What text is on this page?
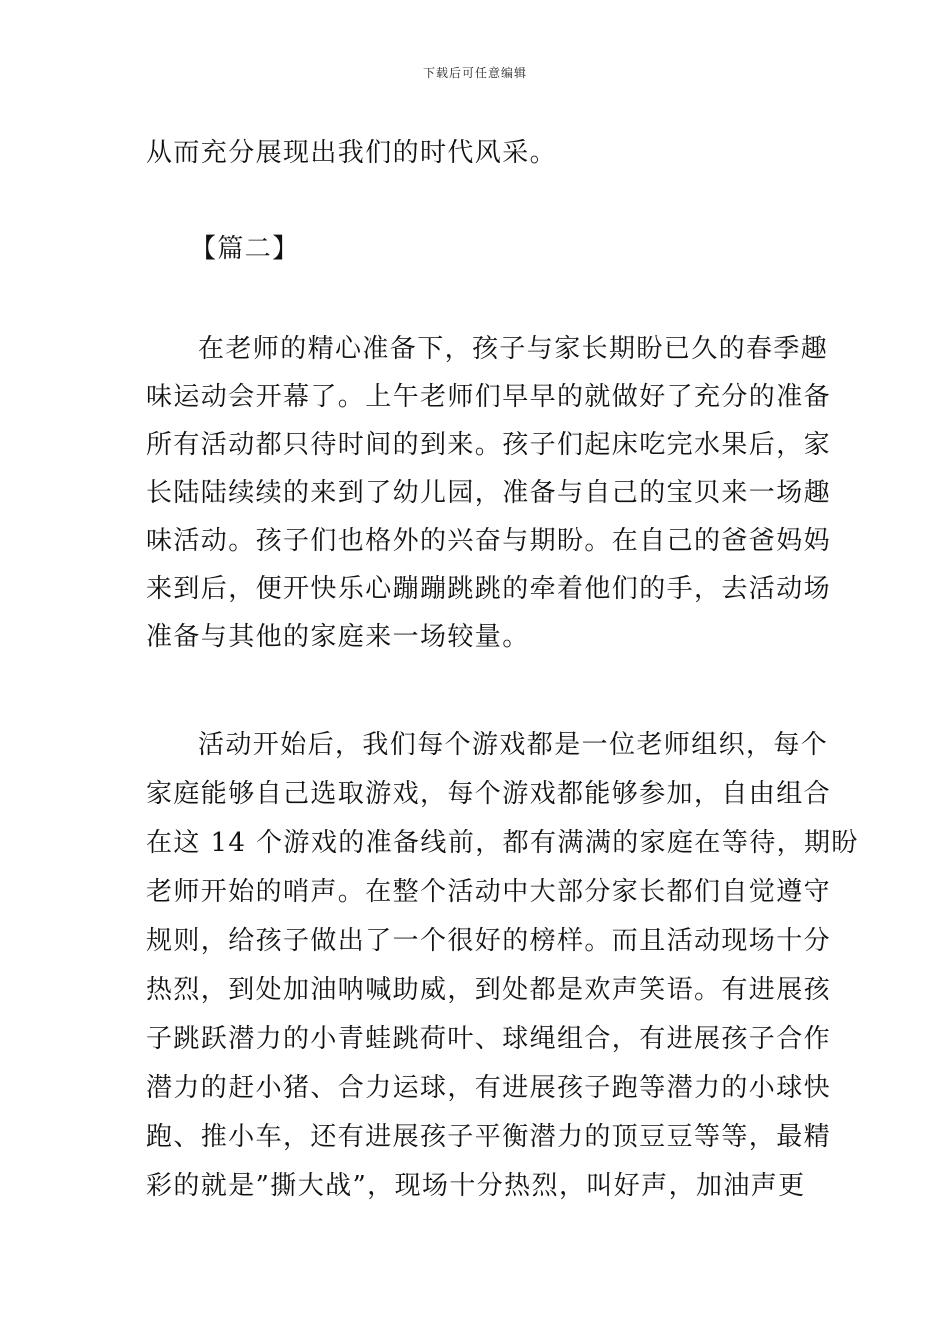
下载后可任意编辑
从而充分展现出我们的时代风采。
【篇二】
在老师的精心准备下，孩子与家长期盼已久的春季趣
味运动会开幕了。上午老师们早早的就做好了充分的准备
所有活动都只待时间的到来。孩子们起床吃完水果后，家
长陆陆续续的来到了幼儿园，准备与自己的宝贝来一场趣
味活动。孩子们也格外的兴奋与期盼。在自己的爸爸妈妈
来到后，便开快乐心蹦蹦跳跳的牵着他们的手，去活动场
准备与其他的家庭来一场较量。
活动开始后，我们每个游戏都是一位老师组织，每个
家庭能够自己选取游戏，每个游戏都能够参加，自由组合
在这 14 个游戏的准备线前，都有满满的家庭在等待，期盼
老师开始的哨声。在整个活动中大部分家长都们自觉遵守
规则，给孩子做出了一个很好的榜样。而且活动现场十分
热烈，到处加油呐喊助威，到处都是欢声笑语。有进展孩
子跳跃潜力的小青蛙跳荷叶、球绳组合，有进展孩子合作
潜力的赶小猪、合力运球，有进展孩子跑等潜力的小球快
跑、推小车，还有进展孩子平衡潜力的顶豆豆等等，最精
彩的就是”撕大战”，现场十分热烈，叫好声，加油声更
